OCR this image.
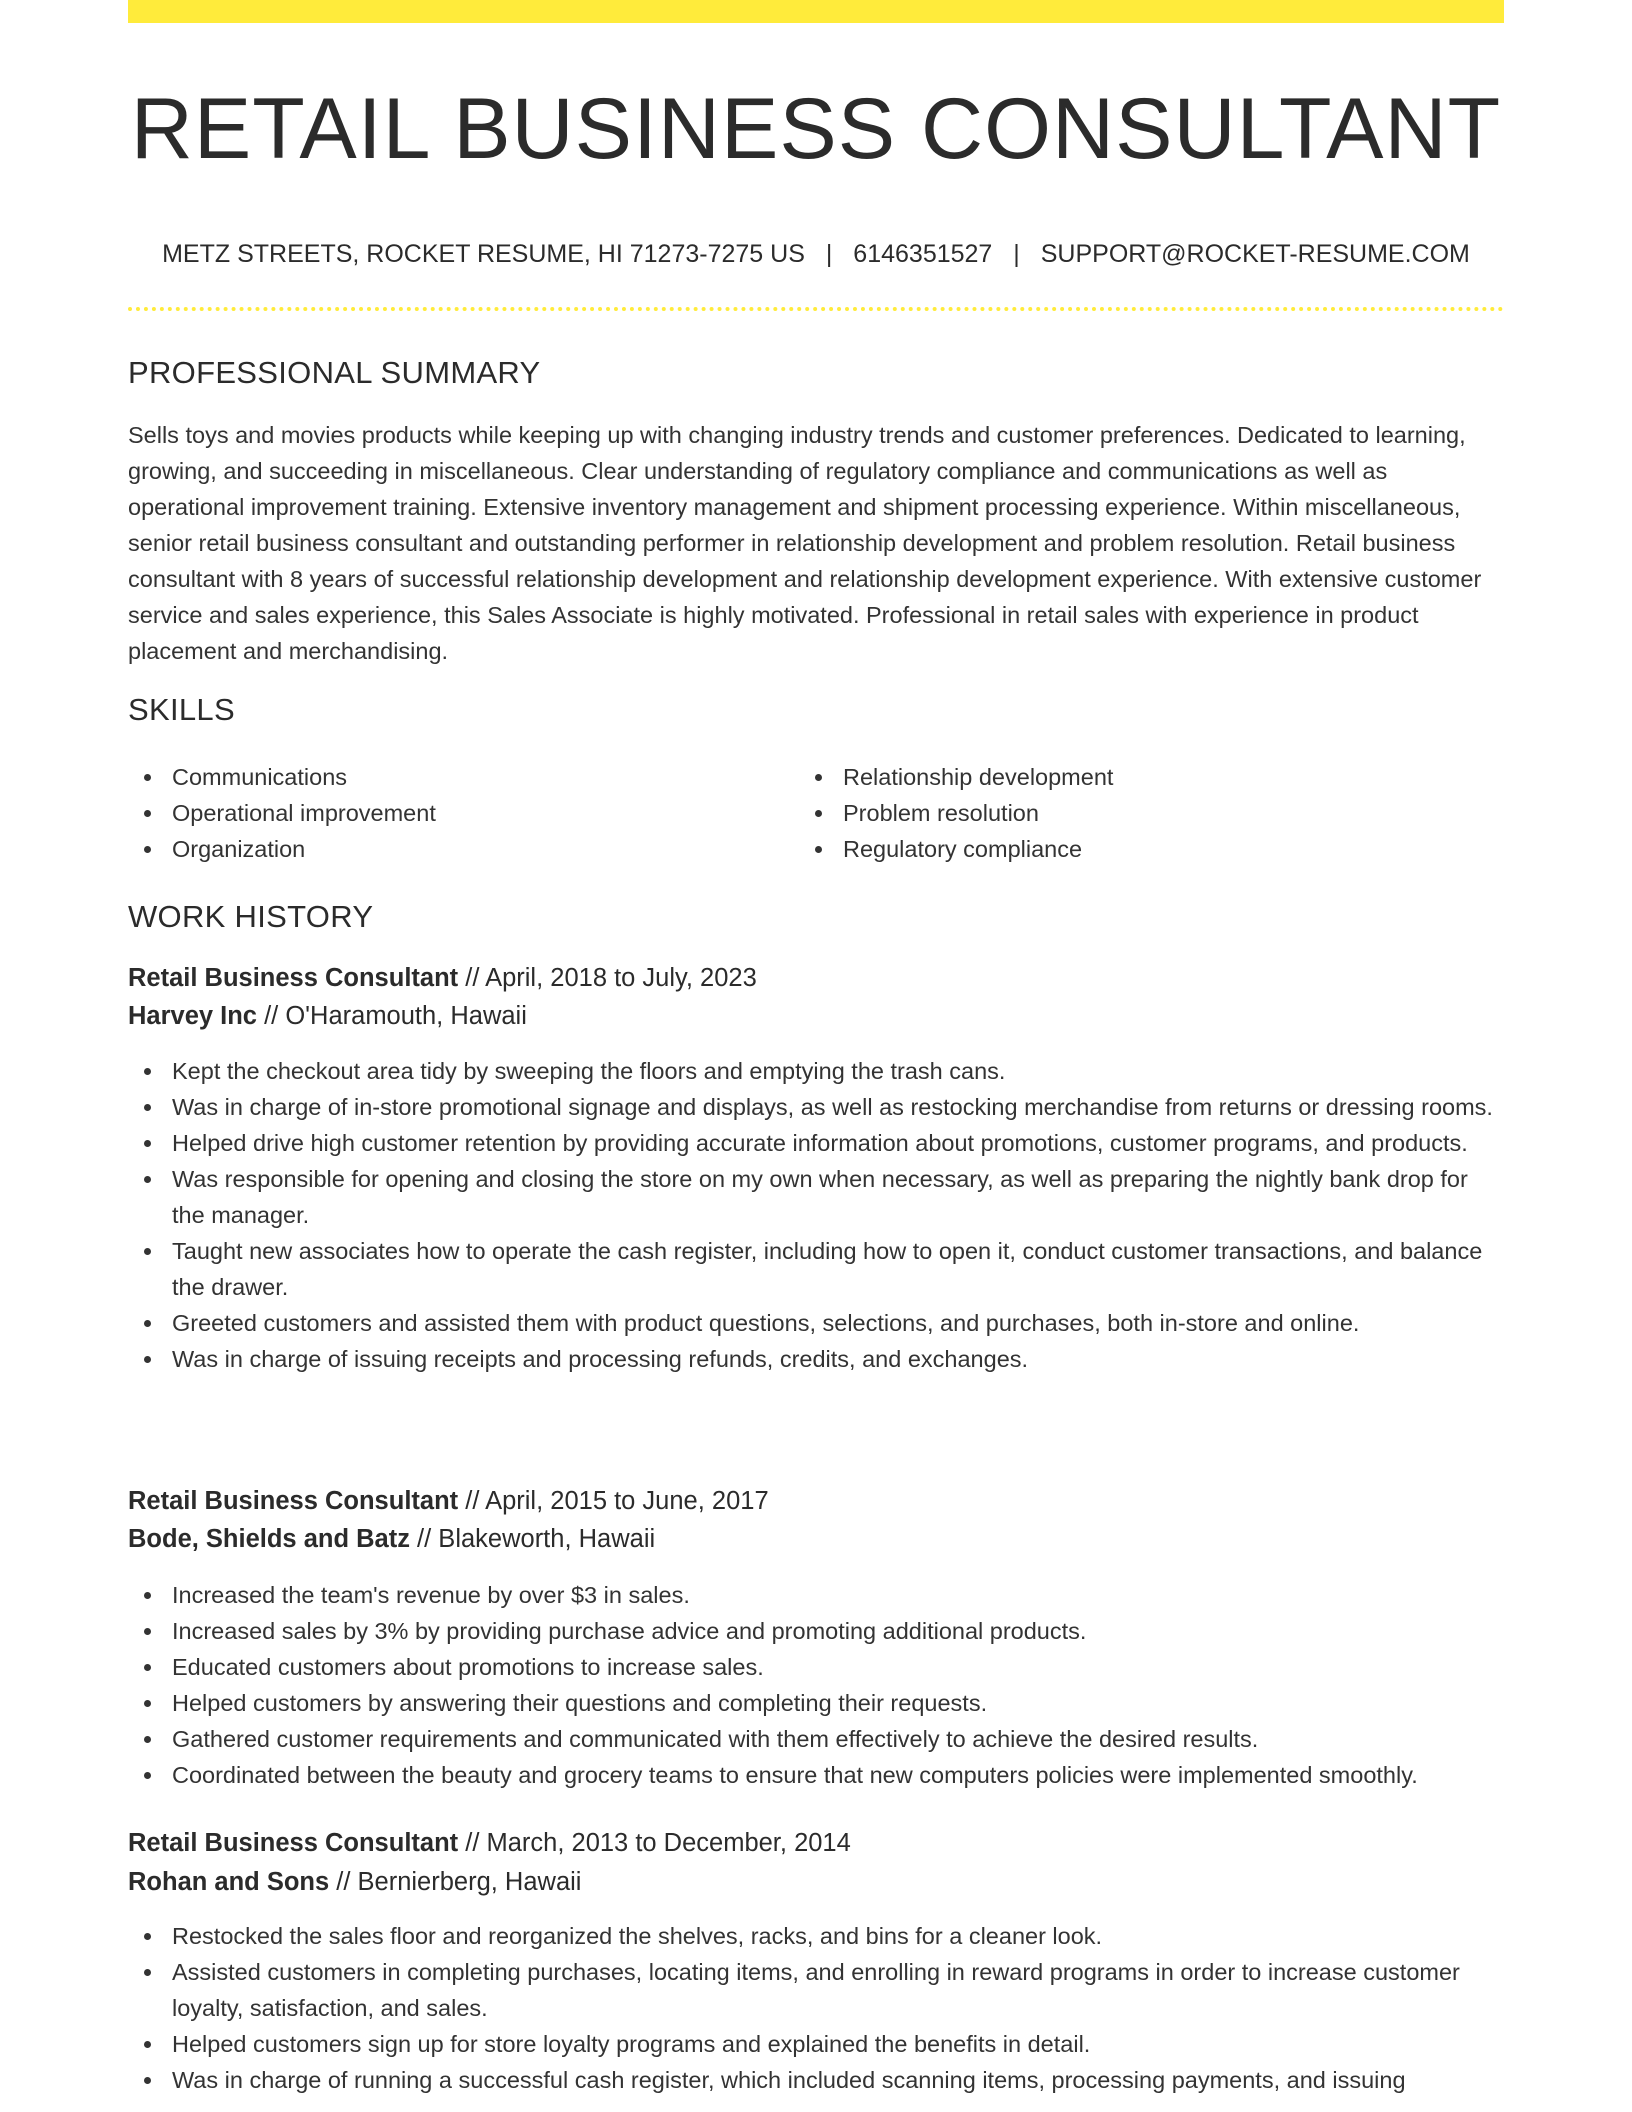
RETAIL BUSINESS CONSULTANT
METZ STREETS, ROCKET RESUME, HI 71273-7275 US | 6146351527 | SUPPORT@ROCKET-RESUME.COM
PROFESSIONAL SUMMARY
Sells toys and movies products while keeping up with changing industry trends and customer preferences. Dedicated to learning, growing, and succeeding in miscellaneous. Clear understanding of regulatory compliance and communications as well as operational improvement training. Extensive inventory management and shipment processing experience. Within miscellaneous, senior retail business consultant and outstanding performer in relationship development and problem resolution. Retail business consultant with 8 years of successful relationship development and relationship development experience. With extensive customer service and sales experience, this Sales Associate is highly motivated. Professional in retail sales with experience in product placement and merchandising.
SKILLS
Communications
Operational improvement
Organization
Relationship development
Problem resolution
Regulatory compliance
WORK HISTORY
Retail Business Consultant // April, 2018 to July, 2023
Harvey Inc // O'Haramouth, Hawaii
Kept the checkout area tidy by sweeping the floors and emptying the trash cans.
Was in charge of in-store promotional signage and displays, as well as restocking merchandise from returns or dressing rooms.
Helped drive high customer retention by providing accurate information about promotions, customer programs, and products.
Was responsible for opening and closing the store on my own when necessary, as well as preparing the nightly bank drop for the manager.
Taught new associates how to operate the cash register, including how to open it, conduct customer transactions, and balance the drawer.
Greeted customers and assisted them with product questions, selections, and purchases, both in-store and online.
Was in charge of issuing receipts and processing refunds, credits, and exchanges.
Retail Business Consultant // April, 2015 to June, 2017
Bode, Shields and Batz // Blakeworth, Hawaii
Increased the team's revenue by over $3 in sales.
Increased sales by 3% by providing purchase advice and promoting additional products.
Educated customers about promotions to increase sales.
Helped customers by answering their questions and completing their requests.
Gathered customer requirements and communicated with them effectively to achieve the desired results.
Coordinated between the beauty and grocery teams to ensure that new computers policies were implemented smoothly.
Retail Business Consultant // March, 2013 to December, 2014
Rohan and Sons // Bernierberg, Hawaii
Restocked the sales floor and reorganized the shelves, racks, and bins for a cleaner look.
Assisted customers in completing purchases, locating items, and enrolling in reward programs in order to increase customer loyalty, satisfaction, and sales.
Helped customers sign up for store loyalty programs and explained the benefits in detail.
Was in charge of running a successful cash register, which included scanning items, processing payments, and issuing
